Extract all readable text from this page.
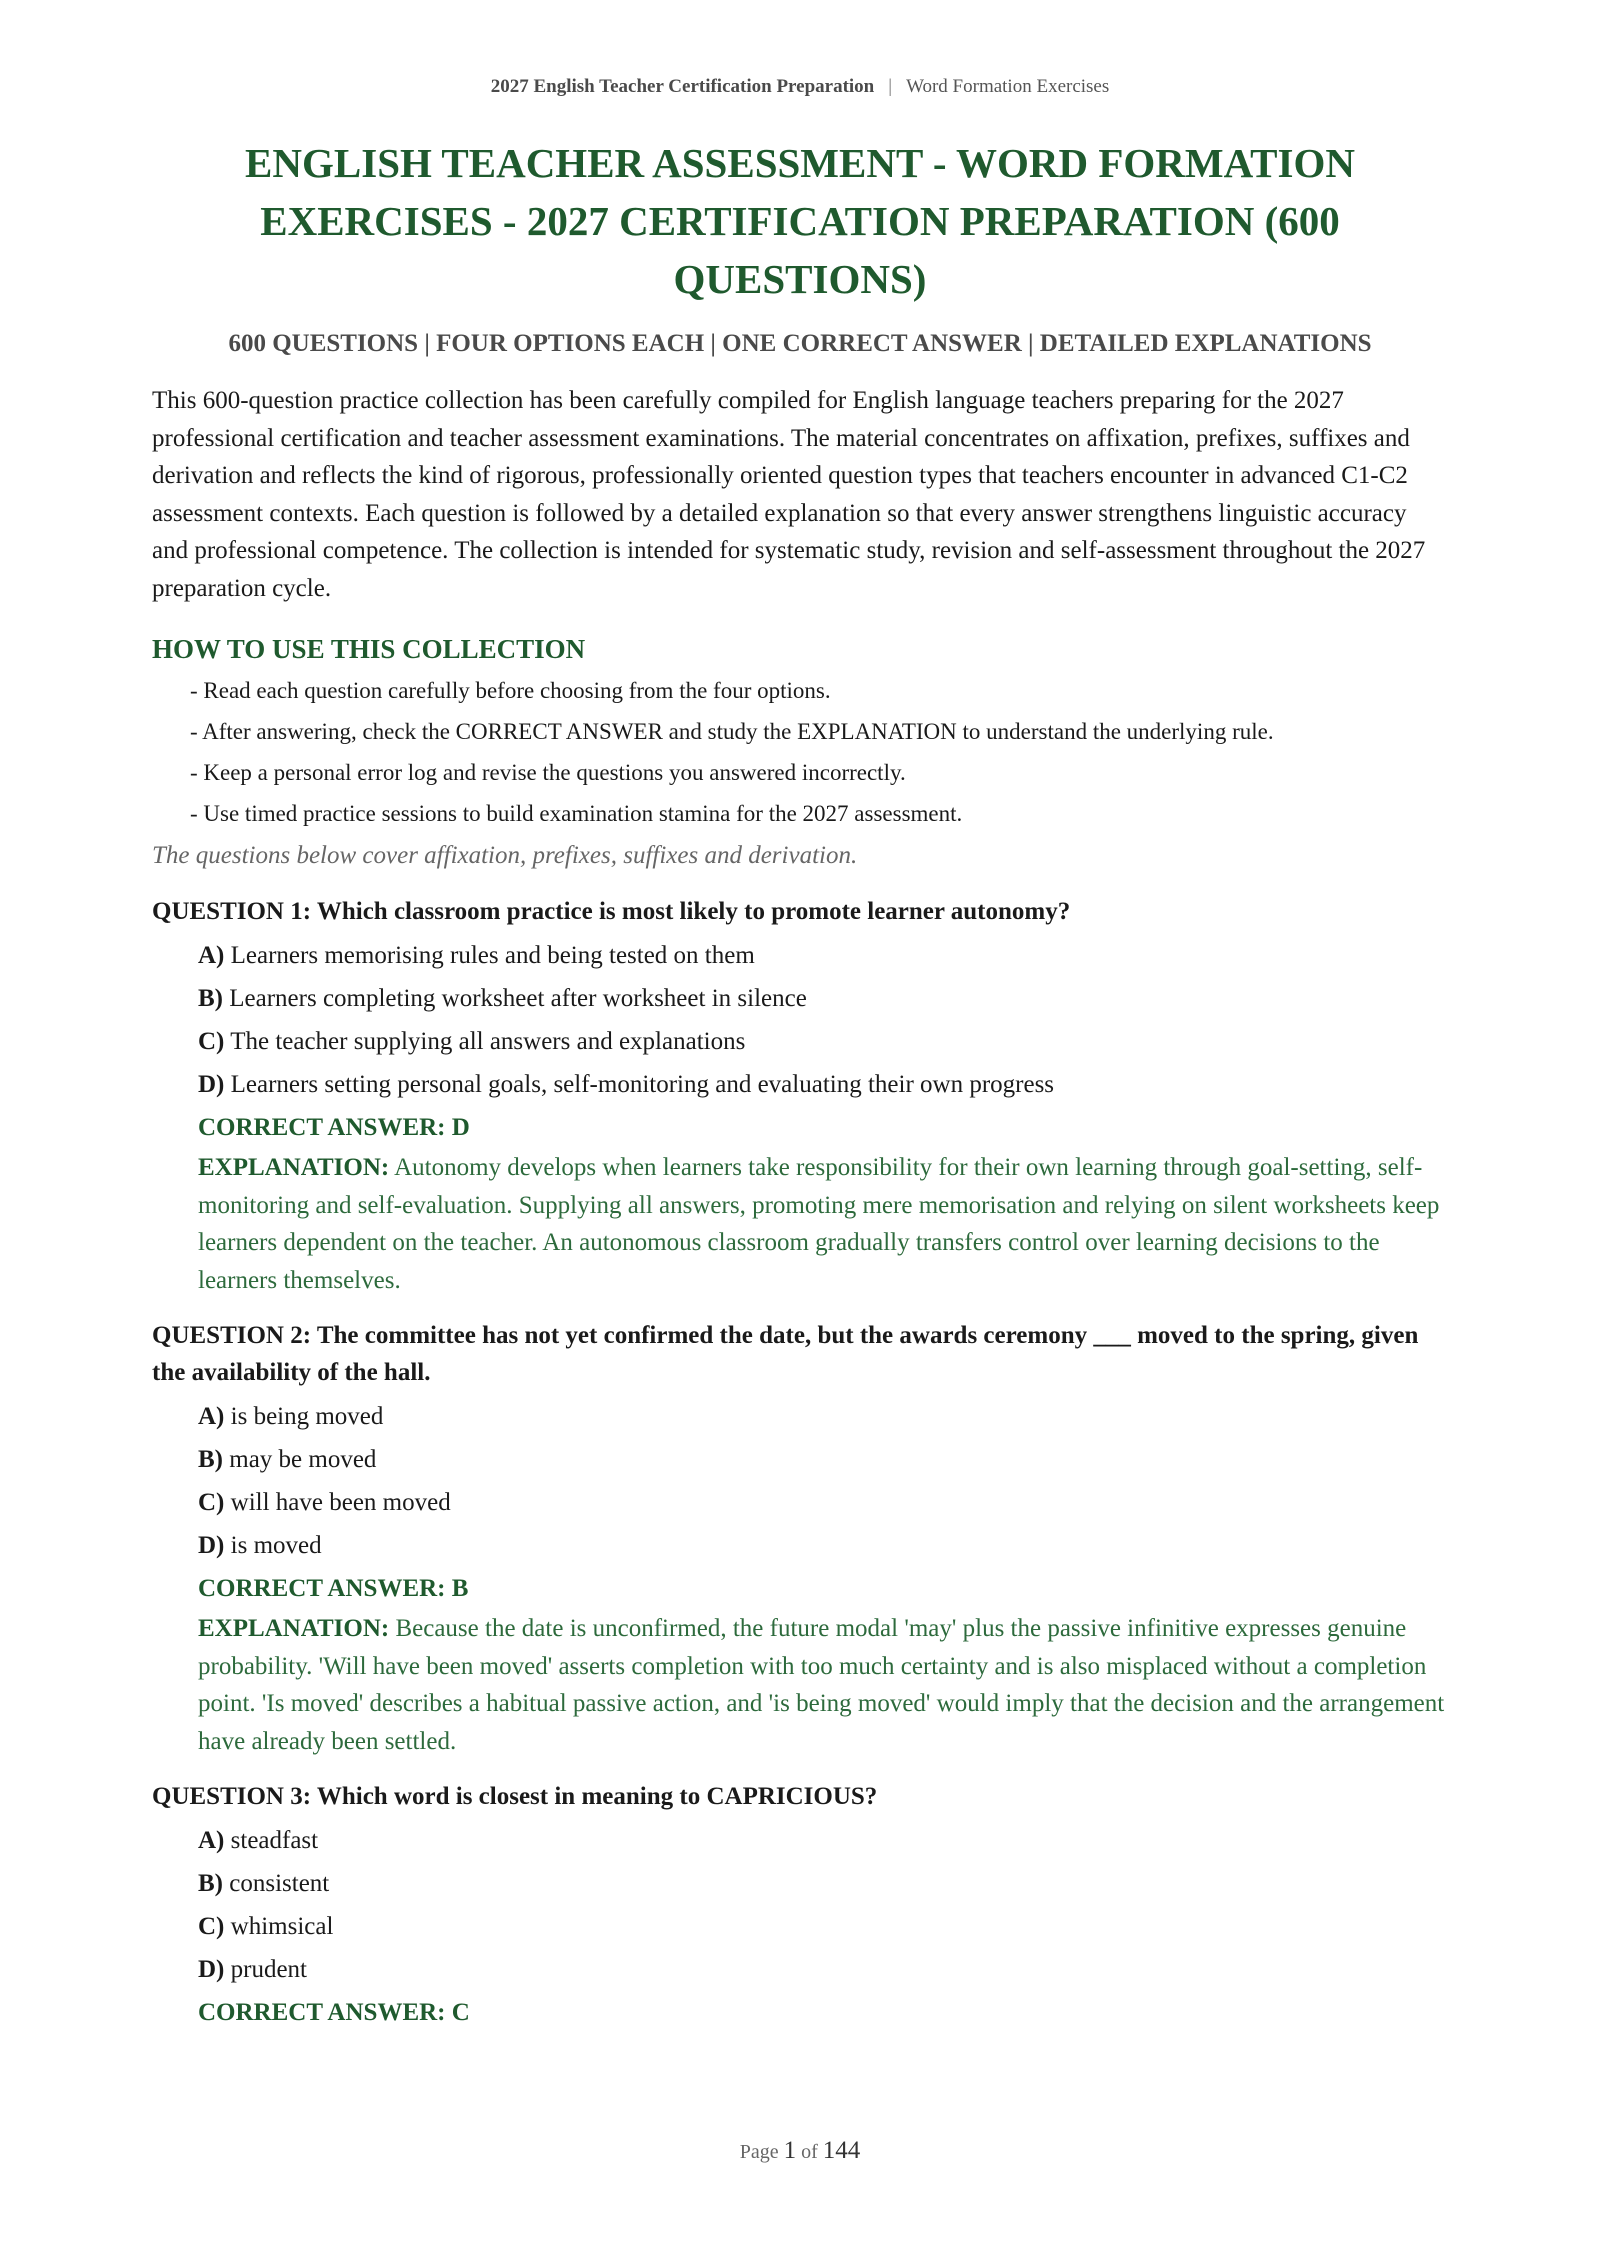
2027 English Teacher Certification Preparation | Word Formation Exercises
ENGLISH TEACHER ASSESSMENT - WORD FORMATION EXERCISES - 2027 CERTIFICATION PREPARATION (600 QUESTIONS)
600 QUESTIONS | FOUR OPTIONS EACH | ONE CORRECT ANSWER | DETAILED EXPLANATIONS

This 600-question practice collection has been carefully compiled for English language teachers preparing for the 2027 professional certification and teacher assessment examinations. The material concentrates on affixation, prefixes, suffixes and derivation and reflects the kind of rigorous, professionally oriented question types that teachers encounter in advanced C1-C2 assessment contexts. Each question is followed by a detailed explanation so that every answer strengthens linguistic accuracy and professional competence. The collection is intended for systematic study, revision and self-assessment throughout the 2027 preparation cycle.

HOW TO USE THIS COLLECTION
- Read each question carefully before choosing from the four options.
- After answering, check the CORRECT ANSWER and study the EXPLANATION to understand the underlying rule.
- Keep a personal error log and revise the questions you answered incorrectly.
- Use timed practice sessions to build examination stamina for the 2027 assessment.

The questions below cover affixation, prefixes, suffixes and derivation.

QUESTION 1: Which classroom practice is most likely to promote learner autonomy?

A) Learners memorising rules and being tested on them
B) Learners completing worksheet after worksheet in silence
C) The teacher supplying all answers and explanations
D) Learners setting personal goals, self-monitoring and evaluating their own progress
CORRECT ANSWER: D
EXPLANATION: Autonomy develops when learners take responsibility for their own learning through goal-setting, self-monitoring and self-evaluation. Supplying all answers, promoting mere memorisation and relying on silent worksheets keep learners dependent on the teacher. An autonomous classroom gradually transfers control over learning decisions to the learners themselves.

QUESTION 2: The committee has not yet confirmed the date, but the awards ceremony ___ moved to the spring, given the availability of the hall.

A) is being moved
B) may be moved
C) will have been moved
D) is moved
CORRECT ANSWER: B
EXPLANATION: Because the date is unconfirmed, the future modal 'may' plus the passive infinitive expresses genuine probability. 'Will have been moved' asserts completion with too much certainty and is also misplaced without a completion point. 'Is moved' describes a habitual passive action, and 'is being moved' would imply that the decision and the arrangement have already been settled.

QUESTION 3: Which word is closest in meaning to CAPRICIOUS?

A) steadfast
B) consistent
C) whimsical
D) prudent
CORRECT ANSWER: C
Page 1 of 144
